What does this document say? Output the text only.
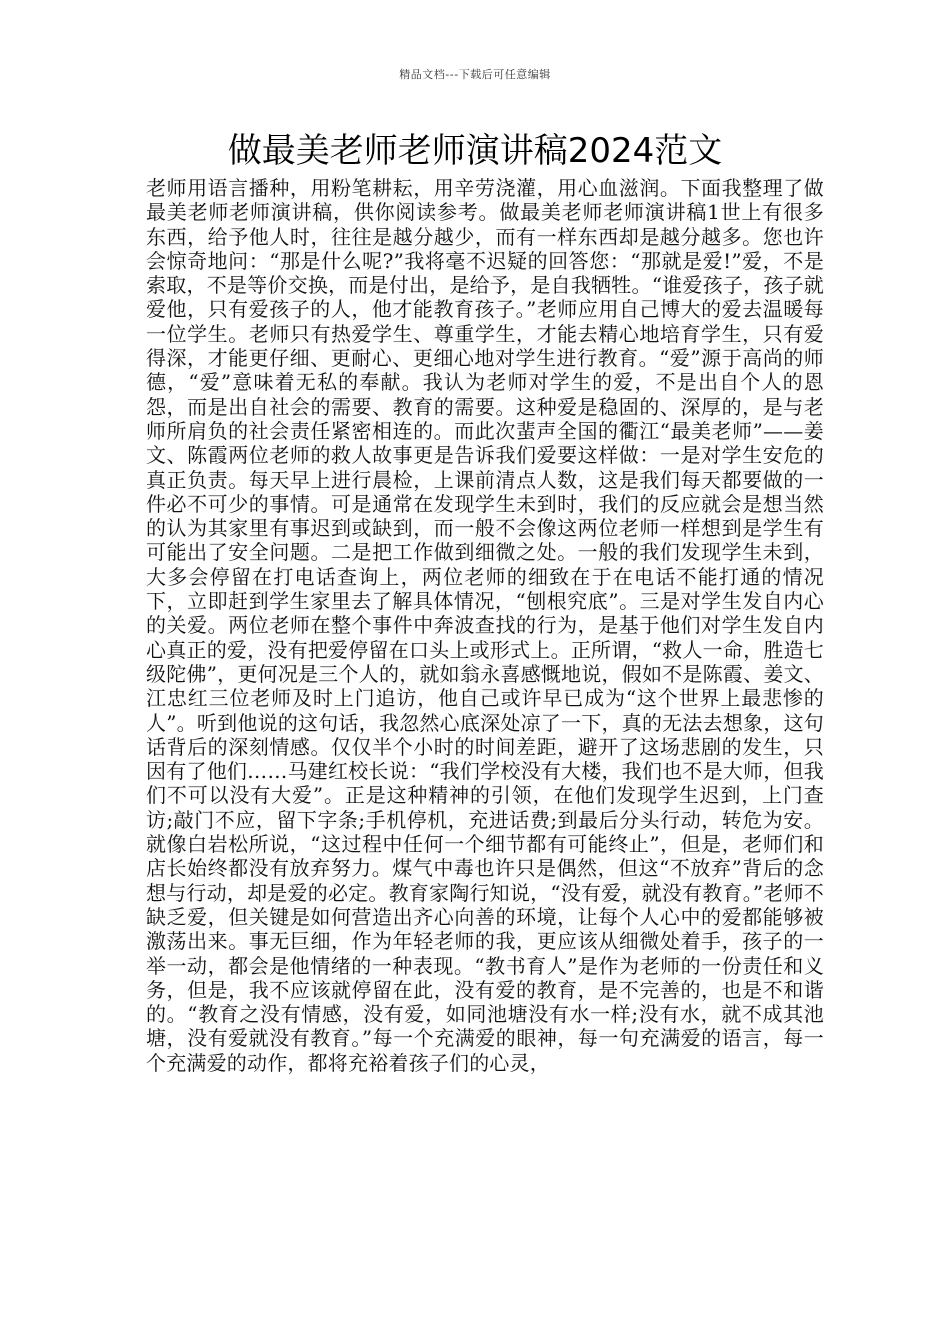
精品文档---下载后可任意编辑
做最美老师老师演讲稿2024范文

老师用语言播种，用粉笔耕耘，用辛劳浇灌，用心血滋润。下面我整理了做最美老师老师演讲稿，供你阅读参考。做最美老师老师演讲稿1世上有很多东西，给予他人时，往往是越分越少，而有一样东西却是越分越多。您也许会惊奇地问：“那是什么呢?”我将毫不迟疑的回答您：“那就是爱!”爱，不是索取，不是等价交换，而是付出，是给予，是自我牺牲。“谁爱孩子，孩子就爱他，只有爱孩子的人，他才能教育孩子。”老师应用自己博大的爱去温暖每一位学生。老师只有热爱学生、尊重学生，才能去精心地培育学生，只有爱得深，才能更仔细、更耐心、更细心地对学生进行教育。“爱”源于高尚的师德，“爱”意味着无私的奉献。我认为老师对学生的爱，不是出自个人的恩怨，而是出自社会的需要、教育的需要。这种爱是稳固的、深厚的，是与老师所肩负的社会责任紧密相连的。而此次蜚声全国的衢江“最美老师”——姜文、陈霞两位老师的救人故事更是告诉我们爱要这样做：一是对学生安危的真正负责。每天早上进行晨检，上课前清点人数，这是我们每天都要做的一件必不可少的事情。可是通常在发现学生未到时，我们的反应就会是想当然的认为其家里有事迟到或缺到，而一般不会像这两位老师一样想到是学生有可能出了安全问题。二是把工作做到细微之处。一般的我们发现学生未到，大多会停留在打电话查询上，两位老师的细致在于在电话不能打通的情况下，立即赶到学生家里去了解具体情况，“刨根究底”。三是对学生发自内心的关爱。两位老师在整个事件中奔波查找的行为，是基于他们对学生发自内心真正的爱，没有把爱停留在口头上或形式上。正所谓，“救人一命，胜造七级陀佛”，更何况是三个人的，就如翁永喜感慨地说，假如不是陈霞、姜文、江忠红三位老师及时上门追访，他自己或许早已成为“这个世界上最悲惨的人”。听到他说的这句话，我忽然心底深处凉了一下，真的无法去想象，这句话背后的深刻情感。仅仅半个小时的时间差距，避开了这场悲剧的发生，只因有了他们……马建红校长说：“我们学校没有大楼，我们也不是大师，但我们不可以没有大爱”。正是这种精神的引领，在他们发现学生迟到，上门查访;敲门不应，留下字条;手机停机，充进话费;到最后分头行动，转危为安。就像白岩松所说，“这过程中任何一个细节都有可能终止”，但是，老师们和店长始终都没有放弃努力。煤气中毒也许只是偶然，但这“不放弃”背后的念想与行动，却是爱的必定。教育家陶行知说，“没有爱，就没有教育。”老师不缺乏爱，但关键是如何营造出齐心向善的环境，让每个人心中的爱都能够被激荡出来。事无巨细，作为年轻老师的我，更应该从细微处着手，孩子的一举一动，都会是他情绪的一种表现。“教书育人”是作为老师的一份责任和义务，但是，我不应该就停留在此，没有爱的教育，是不完善的，也是不和谐的。“教育之没有情感，没有爱，如同池塘没有水一样;没有水，就不成其池塘，没有爱就没有教育。”每一个充满爱的眼神，每一句充满爱的语言，每一个充满爱的动作，都将充裕着孩子们的心灵，
